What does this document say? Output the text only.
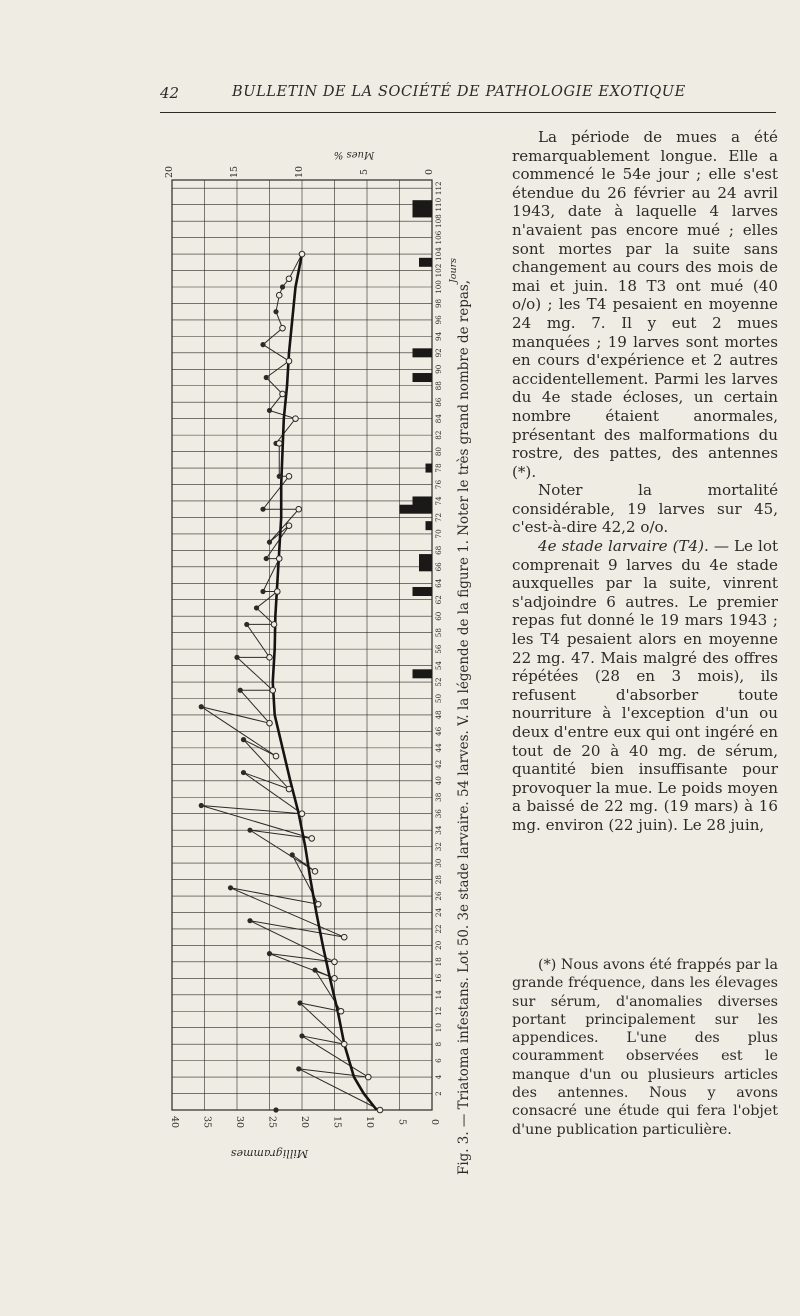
42	BULLETIN DE LA SOCIÉTÉ DE PATHOLOGIE EXOTIQUE
2
4
6
8
10
12
14
16
18
20
22
24
26
28
30
32
34
36
38
40
42
44
46
48
50
52
54
56
58
60
62
64
66
68
70
72
74
76
78
80
82
84
86
88
90
92
94
96
98
100
102
104
106
108
110
112
0
5
10
15
20
25
30
35
40
0
5
10
15
20
Milligrammes
Mues %
Jours
Fig. 3. — Triatoma infestans. Lot 50. 3e stade larvaire. 54 larves. V. la légende de la figure 1. Noter le très grand nombre de repas,

La période de mues a été remarquablement longue. Elle a commencé le 54e jour ; elle s'est étendue du 26 février au 24 avril 1943, date à laquelle 4 larves n'avaient pas encore mué ; elles sont mortes par la suite sans changement au cours des mois de mai et juin. 18 T3 ont mué (40 o/o) ; les T4 pesaient en moyenne 24 mg. 7. Il y eut 2 mues manquées ; 19 larves sont mortes en cours d'expérience et 2 autres accidentellement. Parmi les larves du 4e stade écloses, un certain nombre étaient anormales, présentant des malformations du rostre, des pattes, des antennes (*).

Noter la mortalité considérable, 19 larves sur 45, c'est-à-dire 42,2 o/o.

4e stade larvaire (T4). — Le lot comprenait 9 larves du 4e stade auxquelles par la suite, vinrent s'adjoindre 6 autres. Le premier repas fut donné le 19 mars 1943 ; les T4 pesaient alors en moyenne 22 mg. 47. Mais malgré des offres répétées (28 en 3 mois), ils refusent d'absorber toute nourriture à l'exception d'un ou deux d'entre eux qui ont ingéré en tout de 20 à 40 mg. de sérum, quantité bien insuffisante pour provoquer la mue. Le poids moyen a baissé de 22 mg. (19 mars) à 16 mg. environ (22 juin). Le 28 juin,

(*) Nous avons été frappés par la grande fréquence, dans les élevages sur sérum, d'anomalies diverses portant principalement sur les appendices. L'une des plus couramment observées est le manque d'un ou plusieurs articles des antennes. Nous y avons consacré une étude qui fera l'objet d'une publication particulière.
